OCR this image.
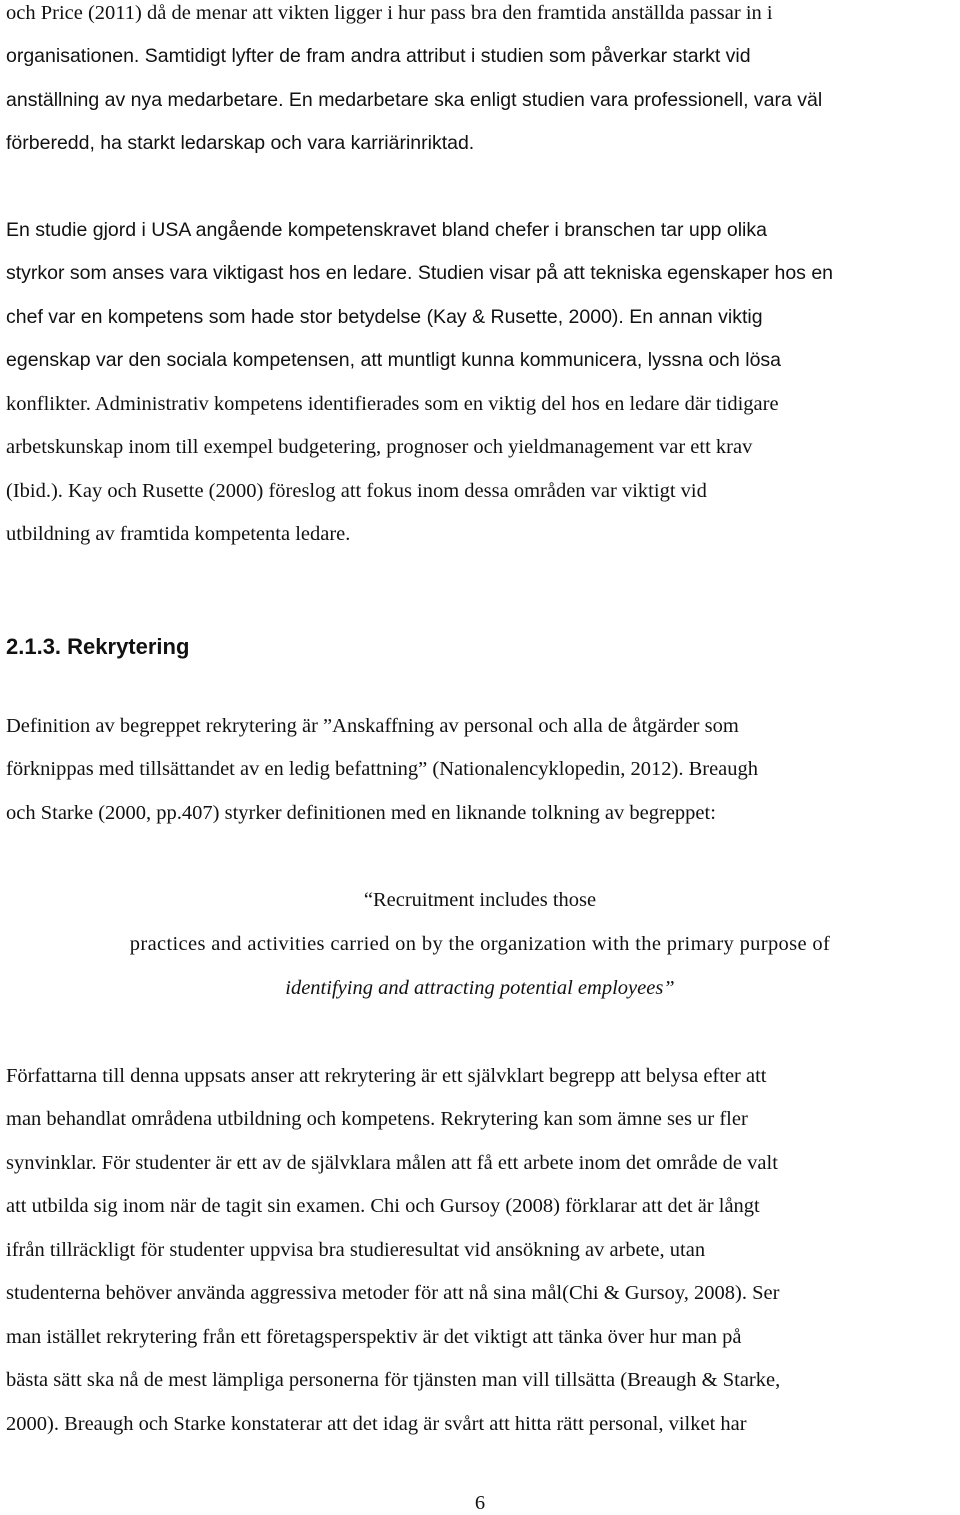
och Price (2011) då de menar att vikten ligger i hur pass bra den framtida anställda passar in i
organisationen. Samtidigt lyfter de fram andra attribut i studien som påverkar starkt vid
anställning av nya medarbetare. En medarbetare ska enligt studien vara professionell, vara väl
förberedd, ha starkt ledarskap och vara karriärinriktad.
En studie gjord i USA angående kompetenskravet bland chefer i branschen tar upp olika
styrkor som anses vara viktigast hos en ledare. Studien visar på att tekniska egenskaper hos en
chef var en kompetens som hade stor betydelse (Kay & Rusette, 2000). En annan viktig
egenskap var den sociala kompetensen, att muntligt kunna kommunicera, lyssna och lösa
konflikter. Administrativ kompetens identifierades som en viktig del hos en ledare där tidigare
arbetskunskap inom till exempel budgetering, prognoser och yieldmanagement var ett krav
(Ibid.). Kay och Rusette (2000) föreslog att fokus inom dessa områden var viktigt vid
utbildning av framtida kompetenta ledare.
2.1.3. Rekrytering
Definition av begreppet rekrytering är ”Anskaffning av personal och alla de åtgärder som
förknippas med tillsättandet av en ledig befattning” (Nationalencyklopedin, 2012). Breaugh
och Starke (2000, pp.407) styrker definitionen med en liknande tolkning av begreppet:
“Recruitment includes those
practices and activities carried on by the organization with the primary purpose of
identifying and attracting potential employees”
Författarna till denna uppsats anser att rekrytering är ett självklart begrepp att belysa efter att
man behandlat områdena utbildning och kompetens. Rekrytering kan som ämne ses ur fler
synvinklar. För studenter är ett av de självklara målen att få ett arbete inom det område de valt
att utbilda sig inom när de tagit sin examen. Chi och Gursoy (2008) förklarar att det är långt
ifrån tillräckligt för studenter uppvisa bra studieresultat vid ansökning av arbete, utan
studenterna behöver använda aggressiva metoder för att nå sina mål(Chi & Gursoy, 2008). Ser
man istället rekrytering från ett företagsperspektiv är det viktigt att tänka över hur man på
bästa sätt ska nå de mest lämpliga personerna för tjänsten man vill tillsätta (Breaugh & Starke,
2000). Breaugh och Starke konstaterar att det idag är svårt att hitta rätt personal, vilket har
6
